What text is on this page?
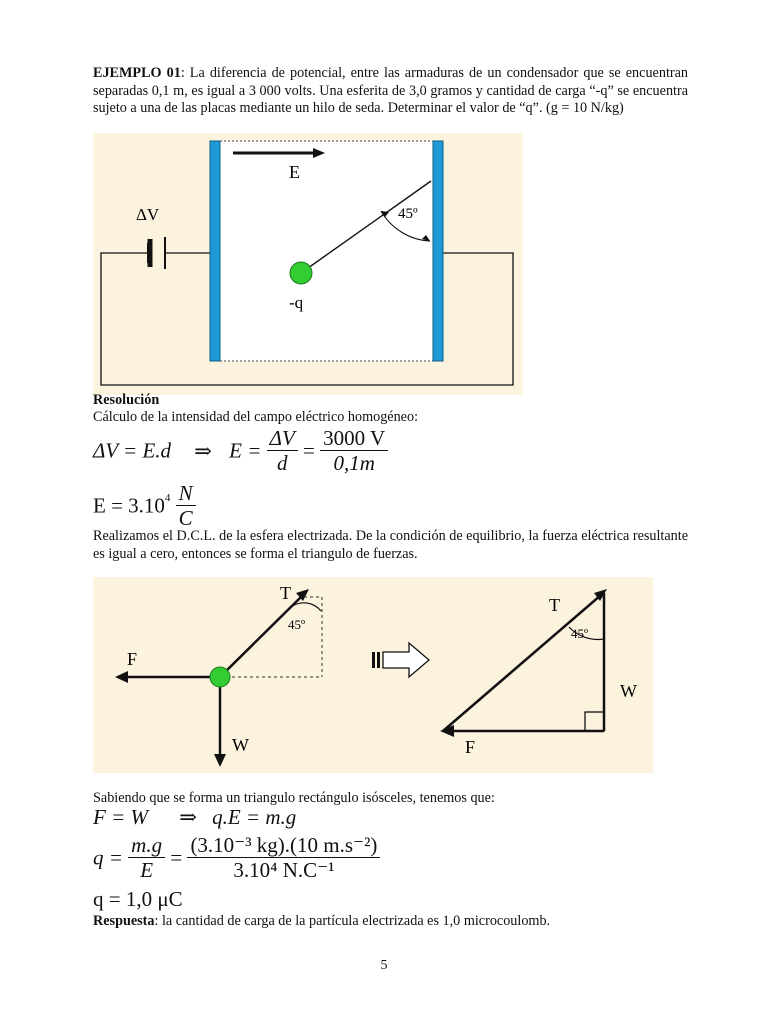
EJEMPLO 01: La diferencia de potencial, entre las armaduras de un condensador que se encuentran separadas 0,1 m, es igual a 3 000 volts. Una esferita de 3,0 gramos y cantidad de carga “-q” se encuentra sujeto a una de las placas mediante un hilo de seda. Determinar el valor de “q”. (g = 10 N/kg)
E
ΔV	45º
-q
Resolución
Cálculo de la intensidad del campo eléctrico homogéneo:
ΔV = E.d ⇒ $E = \frac{\Delta V}{d} = \frac{3000 V}{0,1m}$
$E = 3.10^4 \frac{N}{C}$
Realizamos el D.C.L. de la esfera electrizada. De la condición de equilibrio, la fuerza eléctrica resultante es igual a cero, entonces se forma el triangulo de fuerzas.
45º
T
F
W
45º
T
W
F
Sabiendo que se forma un triangulo rectángulo isósceles, tenemos que:
F = W ⇒ q.E = m.g
$q = \frac{m.g}{E} = \frac{\text{(3.10⁻³ kg).(10 m.s⁻²)}}{\text{3.10⁴ N.C⁻¹}}$
q = 1,0 μC
Respuesta: la cantidad de carga de la partícula electrizada es 1,0 microcoulomb.
5
